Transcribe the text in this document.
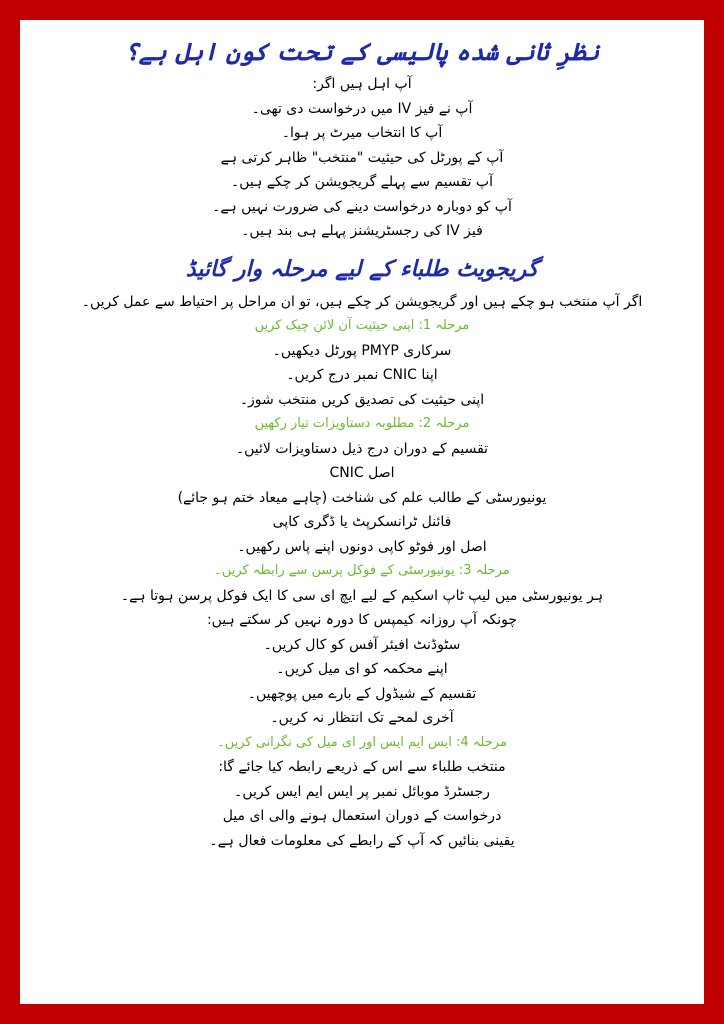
نظرِ ثانی شدہ پالیسی کے تحت کون اہل ہے؟
آپ اہل ہیں اگر:
آپ نے فیز IV میں درخواست دی تھی۔
آپ کا انتخاب میرٹ پر ہوا۔
آپ کے پورٹل کی حیثیت "منتخب" ظاہر کرتی ہے
آپ تقسیم سے پہلے گریجویشن کر چکے ہیں۔
آپ کو دوبارہ درخواست دینے کی ضرورت نہیں ہے۔
فیز IV کی رجسٹریشنز پہلے ہی بند ہیں۔
گریجویٹ طلباء کے لیے مرحلہ وار گائیڈ
اگر آپ منتخب ہو چکے ہیں اور گریجویشن کر چکے ہیں، تو ان مراحل پر احتیاط سے عمل کریں۔
مرحلہ 1: اپنی حیثیت آن لائن چیک کریں
سرکاری PMYP پورٹل دیکھیں۔
اپنا CNIC نمبر درج کریں۔
اپنی حیثیت کی تصدیق کریں منتخب شوز۔
مرحلہ 2: مطلوبہ دستاویزات تیار رکھیں
تقسیم کے دوران درج ذیل دستاویزات لائیں۔
اصل CNIC
یونیورسٹی کے طالب علم کی شناخت (چاہے میعاد ختم ہو جائے)
فائنل ٹرانسکرپٹ یا ڈگری کاپی
اصل اور فوٹو کاپی دونوں اپنے پاس رکھیں۔
مرحلہ 3: یونیورسٹی کے فوکل پرسن سے رابطہ کریں۔
ہر یونیورسٹی میں لیپ ٹاپ اسکیم کے لیے ایچ ای سی کا ایک فوکل پرسن ہوتا ہے۔
چونکہ آپ روزانہ کیمپس کا دورہ نہیں کر سکتے ہیں:
سٹوڈنٹ افیئر آفس کو کال کریں۔
اپنے محکمہ کو ای میل کریں۔
تقسیم کے شیڈول کے بارے میں پوچھیں۔
آخری لمحے تک انتظار نہ کریں۔
مرحلہ 4: ایس ایم ایس اور ای میل کی نگرانی کریں۔
منتخب طلباء سے اس کے ذریعے رابطہ کیا جائے گا:
رجسٹرڈ موبائل نمبر پر ایس ایم ایس کریں۔
درخواست کے دوران استعمال ہونے والی ای میل
یقینی بنائیں کہ آپ کے رابطے کی معلومات فعال ہے۔
